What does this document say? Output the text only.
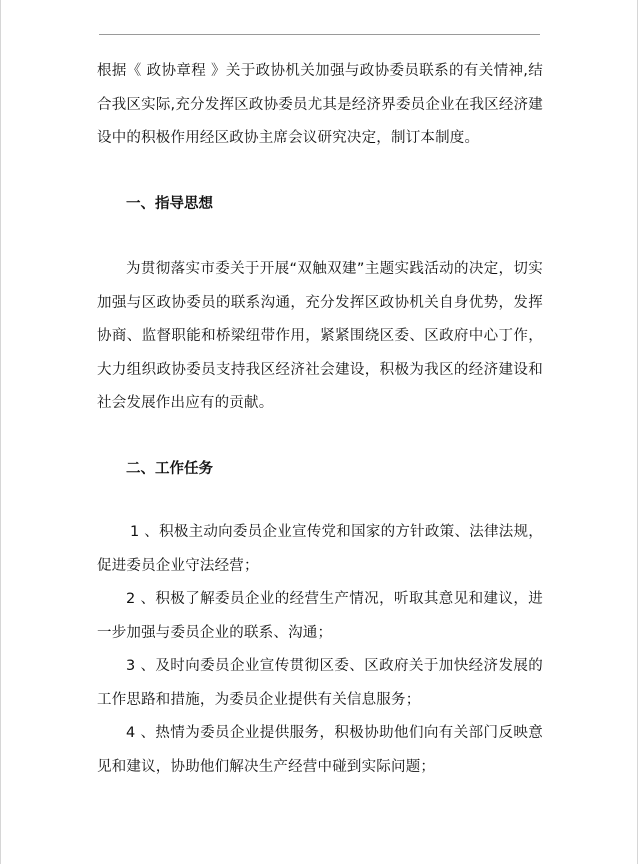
根据《 政协章程 》关于政协机关加强与政协委员联系的有关情神,结合我区实际,充分发挥区政协委员尤其是经济界委员企业在我区经济建设中的积极作用经区政协主席会议研究决定，制订本制度。

一、指导思想

为贯彻落实市委关于开展“双触双建”主题实践活动的决定，切实加强与区政协委员的联系沟通，充分发挥区政协机关自身优势，发挥协商、监督职能和桥梁纽带作用，紧紧围绕区委、区政府中心丁作，大力组织政协委员支持我区经济社会建设，积极为我区的经济建设和社会发展作出应有的贡献。

二、工作任务

1 、积极主动向委员企业宣传党和国家的方针政策、法律法规，促进委员企业守法经营；

2 、积极了解委员企业的经营生产情况，听取其意见和建议，进一步加强与委员企业的联系、沟通；

3 、及时向委员企业宣传贯彻区委、区政府关于加快经济发展的工作思路和措施，为委员企业提供有关信息服务；

4 、热情为委员企业提供服务，积极协助他们向有关部门反映意见和建议，协助他们解决生产经营中碰到实际问题；
